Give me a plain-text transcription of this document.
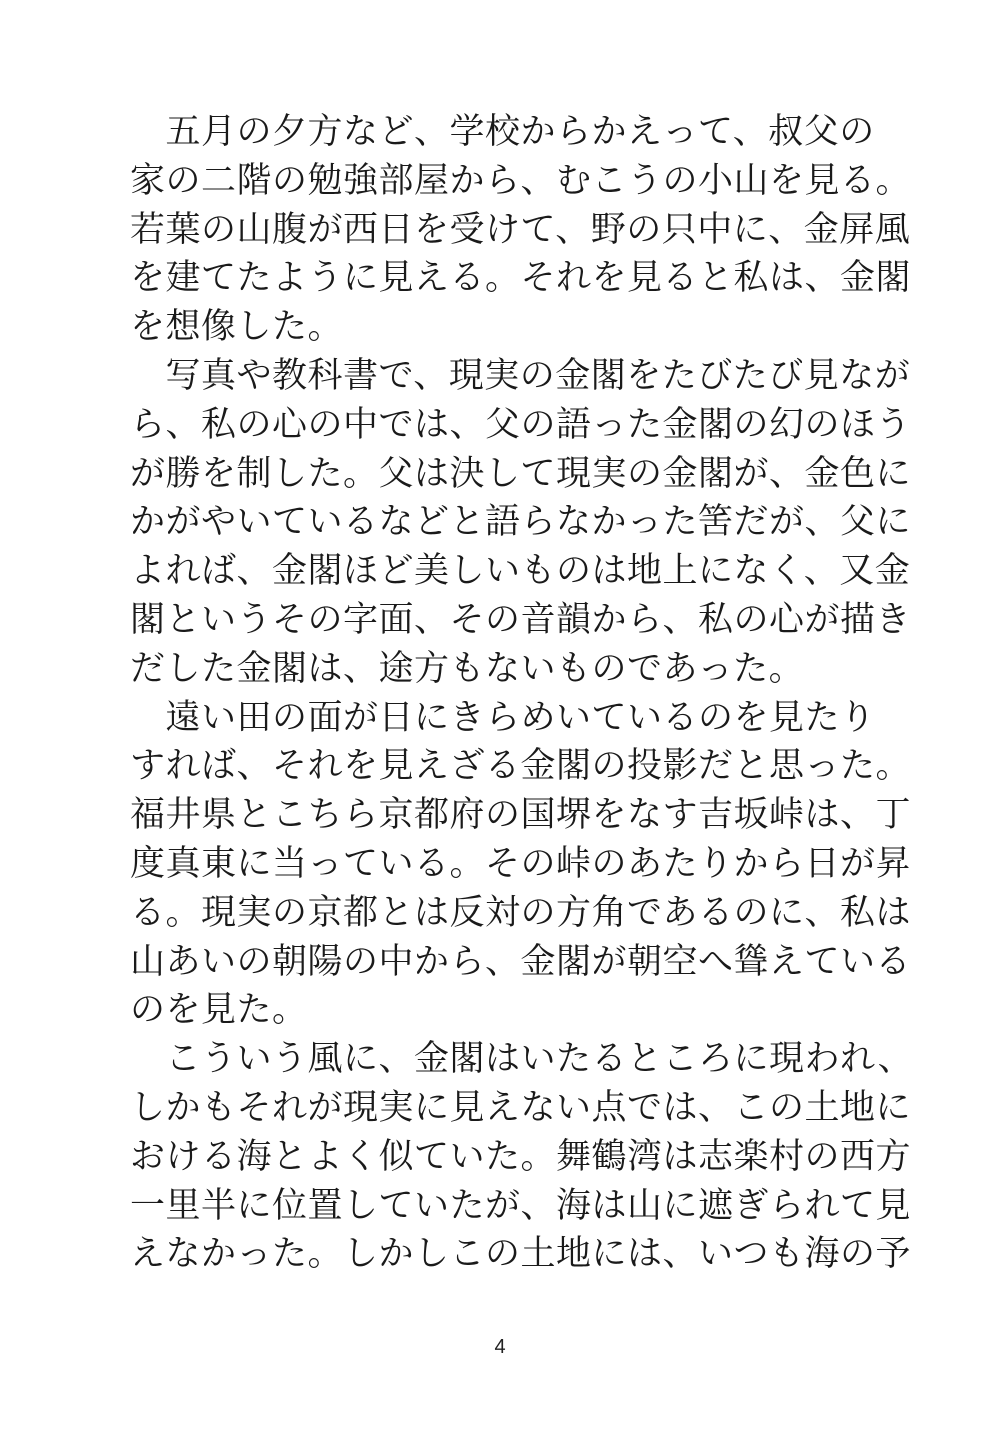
　五月の夕方など、学校からかえって、叔父の
家の二階の勉強部屋から、むこうの小山を見る。
若葉の山腹が西日を受けて、野の只中に、金屏風
を建てたように見える。それを見ると私は、金閣
を想像した。
　写真や教科書で、現実の金閣をたびたび見なが
ら、私の心の中では、父の語った金閣の幻のほう
が勝を制した。父は決して現実の金閣が、金色に
かがやいているなどと語らなかった筈だが、父に
よれば、金閣ほど美しいものは地上になく、又金
閣というその字面、その音韻から、私の心が描き
だした金閣は、途方もないものであった。
　遠い田の面が日にきらめいているのを見たり
すれば、それを見えざる金閣の投影だと思った。
福井県とこちら京都府の国堺をなす吉坂峠は、丁
度真東に当っている。その峠のあたりから日が昇
る。現実の京都とは反対の方角であるのに、私は
山あいの朝陽の中から、金閣が朝空へ聳えている
のを見た。
　こういう風に、金閣はいたるところに現われ、
しかもそれが現実に見えない点では、この土地に
おける海とよく似ていた。舞鶴湾は志楽村の西方
一里半に位置していたが、海は山に遮ぎられて見
えなかった。しかしこの土地には、いつも海の予
4
